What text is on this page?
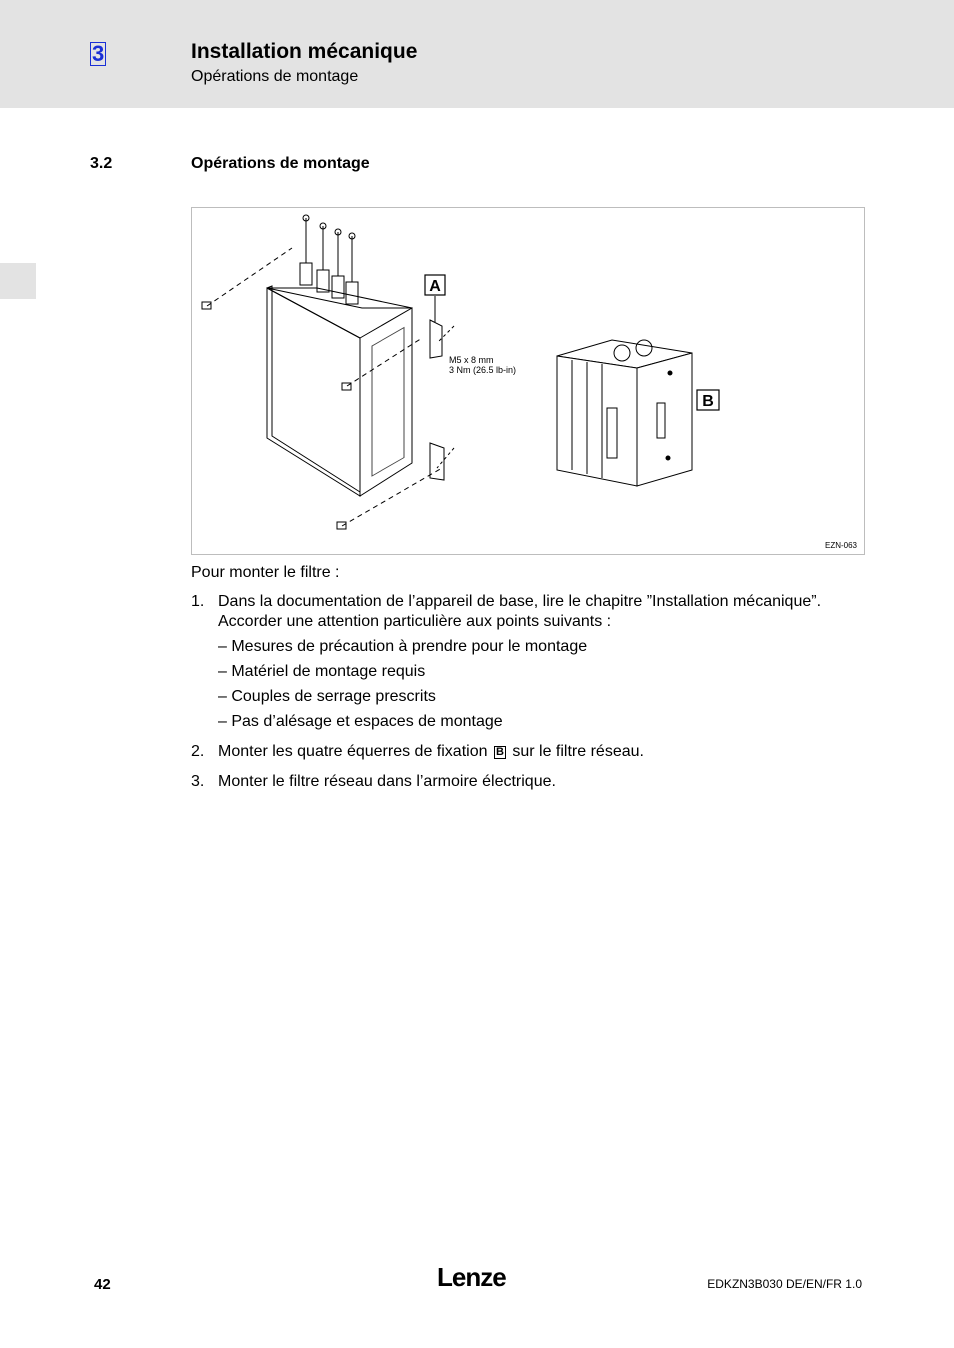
3	Installation mécanique
Opérations de montage
3.2	Opérations de montage
A
B
M5 x 8 mm
3 Nm (26.5 lb-in)
EZN-063
Pour monter le filtre :
1. Dans la documentation de l’appareil de base, lire le chapitre ”Installation mécanique”. Accorder une attention particulière aux points suivants :
– Mesures de précaution à prendre pour le montage
– Matériel de montage requis
– Couples de serrage prescrits
– Pas d’alésage et espaces de montage
2. Monter les quatre équerres de fixation B sur le filtre réseau.
3. Monter le filtre réseau dans l’armoire électrique.
42	Lenze	EDKZN3B030 DE/EN/FR 1.0
